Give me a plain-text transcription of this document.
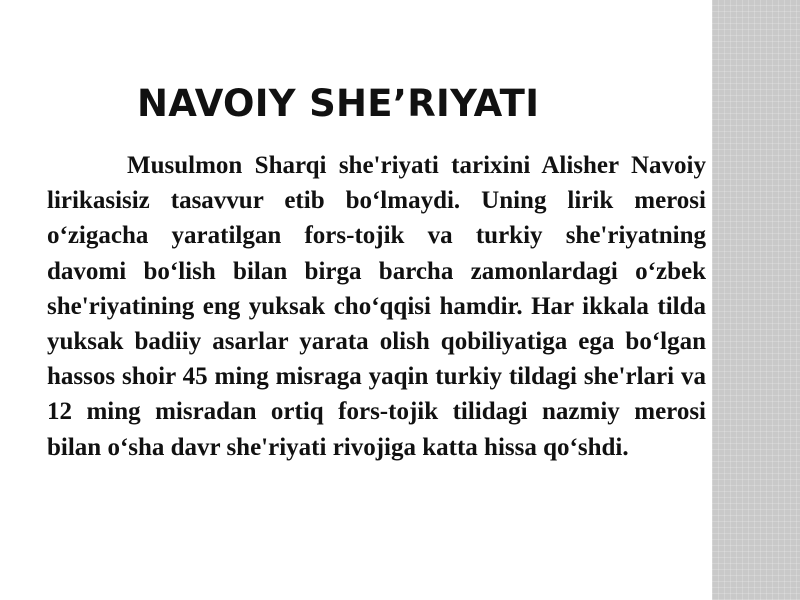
NAVOIY SHE’RIYATI

Musulmon Sharqi she'riyati tarixini Alisher Navoiy lirikasisiz tasavvur etib bo‘lmaydi. Uning lirik merosi o‘zigacha yaratilgan fors-tojik va turkiy she'riyatning davomi bo‘lish bilan birga barcha zamonlardagi o‘zbek she'riyatining eng yuksak cho‘qqisi hamdir. Har ikkala tilda yuksak badiiy asarlar yarata olish qobiliyatiga ega bo‘lgan hassos shoir 45 ming misraga yaqin turkiy tildagi she'rlari va 12 ming misradan ortiq fors-tojik tilidagi nazmiy merosi bilan o‘sha davr she'riyati rivojiga katta hissa qo‘shdi.
